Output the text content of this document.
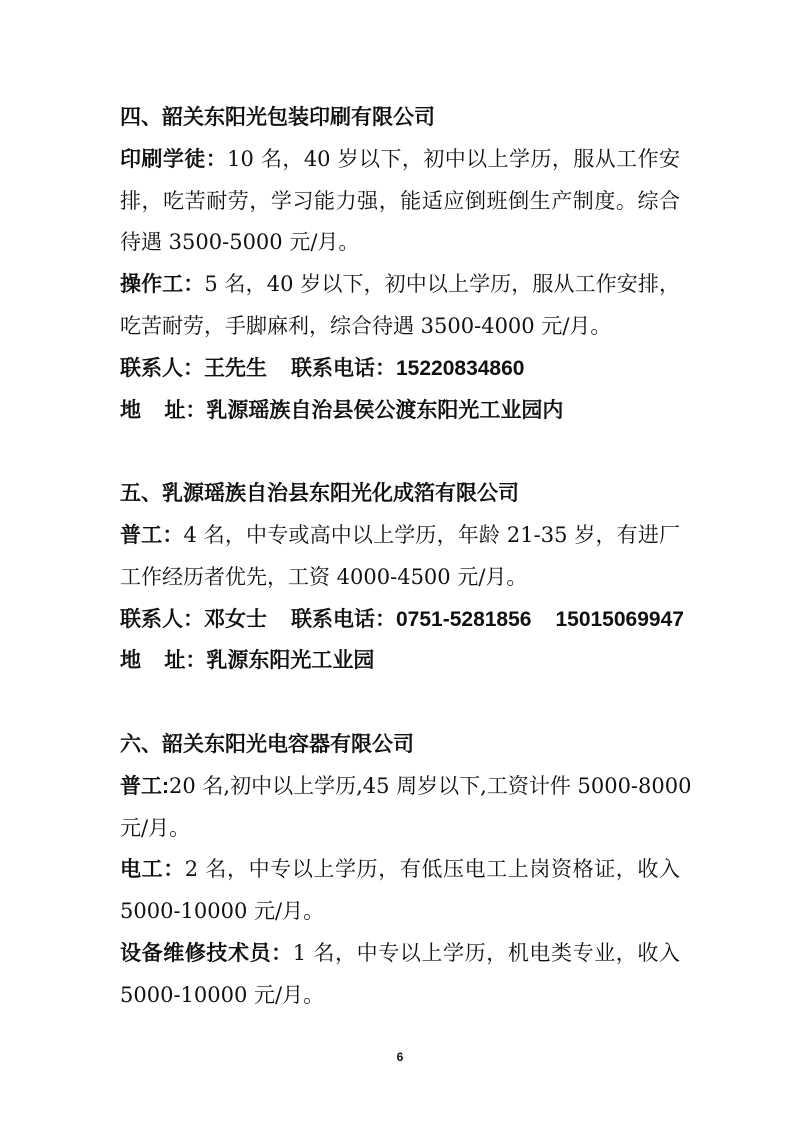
四、韶关东阳光包装印刷有限公司
印刷学徒：10 名，40 岁以下，初中以上学历，服从工作安
排，吃苦耐劳，学习能力强，能适应倒班倒生产制度。综合
待遇 3500-5000 元/月。
操作工：5 名，40 岁以下，初中以上学历，服从工作安排，
吃苦耐劳，手脚麻利，综合待遇 3500-4000 元/月。
联系人：王先生 联系电话：15220834860
地    址：乳源瑶族自治县侯公渡东阳光工业园内
五、乳源瑶族自治县东阳光化成箔有限公司
普工：4 名，中专或高中以上学历，年龄 21-35 岁，有进厂
工作经历者优先，工资 4000-4500 元/月。
联系人：邓女士 联系电话：0751-5281856 15015069947
地    址：乳源东阳光工业园
六、韶关东阳光电容器有限公司
普工:20 名,初中以上学历,45 周岁以下,工资计件 5000-8000
元/月。
电工：2 名，中专以上学历，有低压电工上岗资格证，收入
5000-10000 元/月。
设备维修技术员：1 名，中专以上学历，机电类专业，收入
5000-10000 元/月。
6
